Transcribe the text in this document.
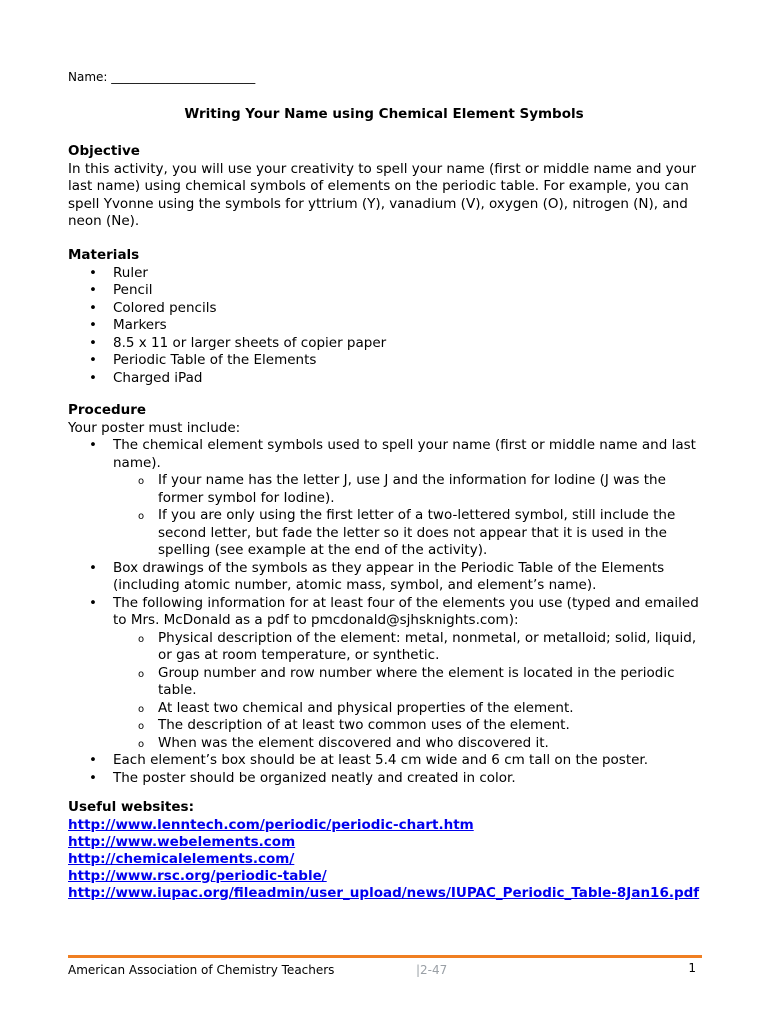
Name: ________________________
Writing Your Name using Chemical Element Symbols
Objective

In this activity, you will use your creativity to spell your name (first or middle name and your last name) using chemical symbols of elements on the periodic table. For example, you can spell Yvonne using the symbols for yttrium (Y), vanadium (V), oxygen (O), nitrogen (N), and neon (Ne).

Materials
• Ruler
• Pencil
• Colored pencils
• Markers
• 8.5 x 11 or larger sheets of copier paper
• Periodic Table of the Elements
• Charged iPad
Procedure

Your poster must include:

• The chemical element symbols used to spell your name (first or middle name and last name).
o If your name has the letter J, use J and the information for Iodine (J was the former symbol for Iodine).
o If you are only using the first letter of a two-lettered symbol, still include the second letter, but fade the letter so it does not appear that it is used in the spelling (see example at the end of the activity).
• Box drawings of the symbols as they appear in the Periodic Table of the Elements (including atomic number, atomic mass, symbol, and element’s name).
• The following information for at least four of the elements you use (typed and emailed to Mrs. McDonald as a pdf to pmcdonald@sjhsknights.com):
o Physical description of the element: metal, nonmetal, or metalloid; solid, liquid, or gas at room temperature, or synthetic.
o Group number and row number where the element is located in the periodic table.
o At least two chemical and physical properties of the element.
o The description of at least two common uses of the element.
o When was the element discovered and who discovered it.
• Each element’s box should be at least 5.4 cm wide and 6 cm tall on the poster.
• The poster should be organized neatly and created in color.
Useful websites:
http://www.lenntech.com/periodic/periodic-chart.htm
http://www.webelements.com
http://chemicalelements.com/
http://www.rsc.org/periodic-table/
http://www.iupac.org/fileadmin/user_upload/news/IUPAC_Periodic_Table-8Jan16.pdf
American Association of Chemistry Teachers	|2-47	1
